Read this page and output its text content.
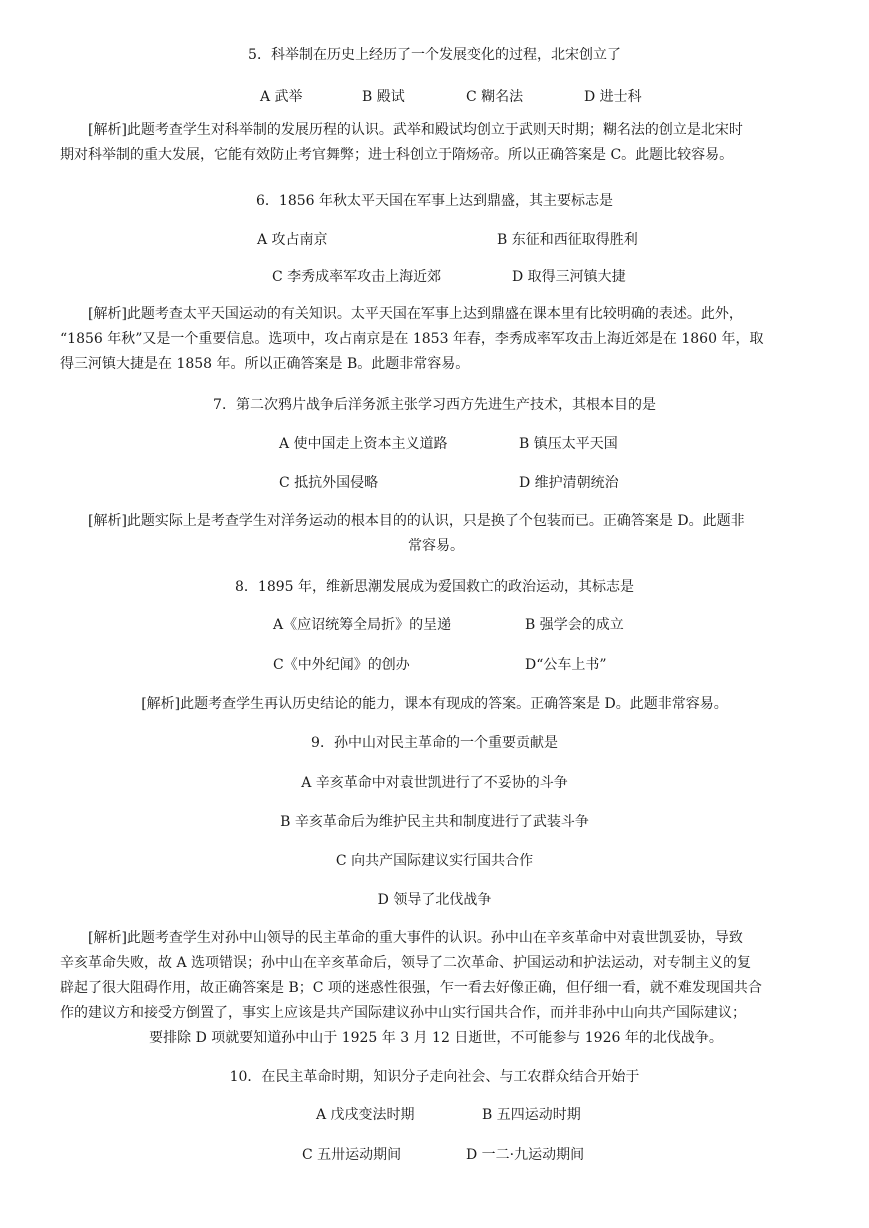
5．科举制在历史上经历了一个发展变化的过程，北宋创立了
A 武举	B 殿试	C 糊名法	D 进士科

[解析]此题考查学生对科举制的发展历程的认识。武举和殿试均创立于武则天时期；糊名法的创立是北宋时

期对科举制的重大发展，它能有效防止考官舞弊；进士科创立于隋炀帝。所以正确答案是 C。此题比较容易。

6．1856 年秋太平天国在军事上达到鼎盛，其主要标志是
A 攻占南京	B 东征和西征取得胜利
C 李秀成率军攻击上海近郊	D 取得三河镇大捷

[解析]此题考查太平天国运动的有关知识。太平天国在军事上达到鼎盛在课本里有比较明确的表述。此外，

“1856 年秋”又是一个重要信息。选项中，攻占南京是在 1853 年春，李秀成率军攻击上海近郊是在 1860 年，取

得三河镇大捷是在 1858 年。所以正确答案是 B。此题非常容易。

7．第二次鸦片战争后洋务派主张学习西方先进生产技术，其根本目的是
A 使中国走上资本主义道路	B 镇压太平天国
C 抵抗外国侵略	D 维护清朝统治

[解析]此题实际上是考查学生对洋务运动的根本目的的认识，只是换了个包装而已。正确答案是 D。此题非

常容易。

8．1895 年，维新思潮发展成为爱国救亡的政治运动，其标志是
A《应诏统筹全局折》的呈递	B 强学会的成立
C《中外纪闻》的创办	D“公车上书”
[解析]此题考查学生再认历史结论的能力，课本有现成的答案。正确答案是 D。此题非常容易。
9．孙中山对民主革命的一个重要贡献是
A 辛亥革命中对袁世凯进行了不妥协的斗争
B 辛亥革命后为维护民主共和制度进行了武装斗争
C 向共产国际建议实行国共合作
D 领导了北伐战争

[解析]此题考查学生对孙中山领导的民主革命的重大事件的认识。孙中山在辛亥革命中对袁世凯妥协，导致

辛亥革命失败，故 A 选项错误；孙中山在辛亥革命后，领导了二次革命、护国运动和护法运动，对专制主义的复

辟起了很大阻碍作用，故正确答案是 B；C 项的迷惑性很强，乍一看去好像正确，但仔细一看，就不难发现国共合

作的建议方和接受方倒置了，事实上应该是共产国际建议孙中山实行国共合作，而并非孙中山向共产国际建议；

要排除 D 项就要知道孙中山于 1925 年 3 月 12 日逝世，不可能参与 1926 年的北伐战争。

10．在民主革命时期，知识分子走向社会、与工农群众结合开始于
A 戊戌变法时期	B 五四运动时期
C 五卅运动期间	D 一二·九运动期间
